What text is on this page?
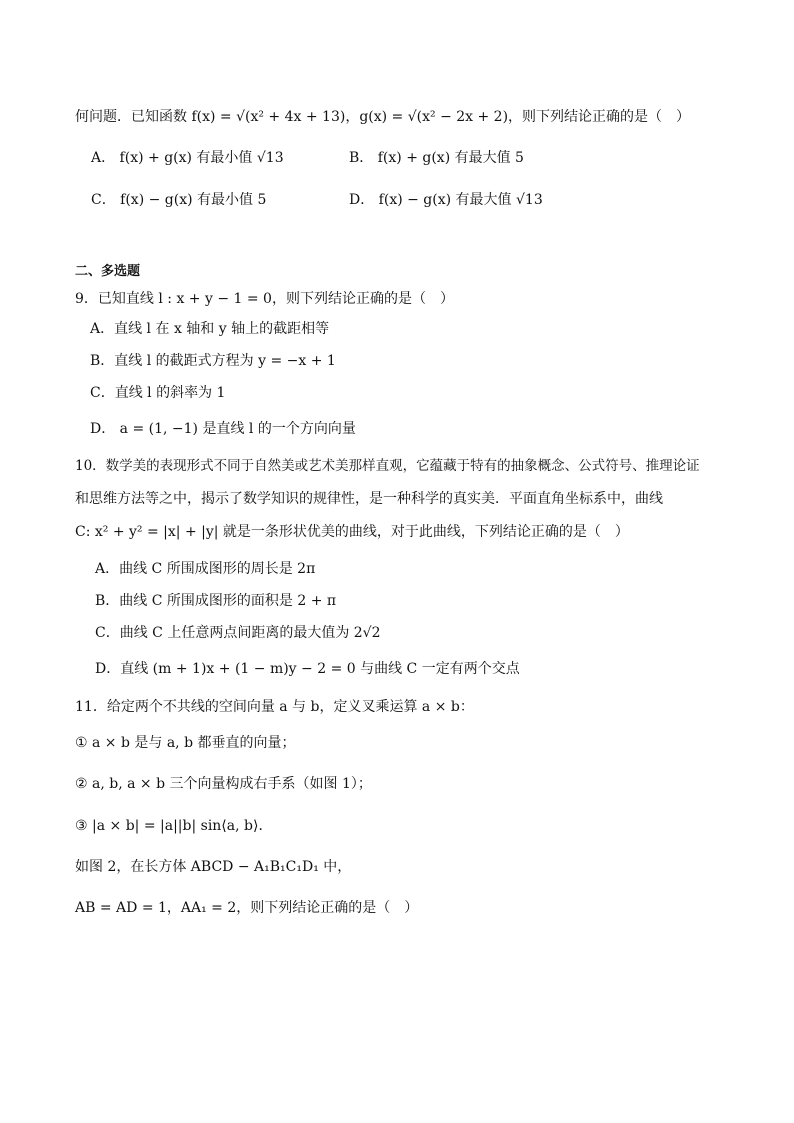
何问题．已知函数 f(x) = √(x² + 4x + 13)，g(x) = √(x² − 2x + 2)，则下列结论正确的是（　）
A． f(x) + g(x) 有最小值 √13	B． f(x) + g(x) 有最大值 5
C． f(x) − g(x) 有最小值 5	D． f(x) − g(x) 有最大值 √13
二、多选题
9．已知直线 l : x + y − 1 = 0，则下列结论正确的是（　）
A．直线 l 在 x 轴和 y 轴上的截距相等
B．直线 l 的截距式方程为 y = −x + 1
C．直线 l 的斜率为 1
D． a = (1, −1) 是直线 l 的一个方向向量
10．数学美的表现形式不同于自然美或艺术美那样直观，它蕴藏于特有的抽象概念、公式符号、推理论证
和思维方法等之中，揭示了数学知识的规律性，是一种科学的真实美．平面直角坐标系中，曲线
C: x² + y² = |x| + |y| 就是一条形状优美的曲线，对于此曲线，下列结论正确的是（　）
A．曲线 C 所围成图形的周长是 2π
B．曲线 C 所围成图形的面积是 2 + π
C．曲线 C 上任意两点间距离的最大值为 2√2
D．直线 (m + 1)x + (1 − m)y − 2 = 0 与曲线 C 一定有两个交点
11．给定两个不共线的空间向量 a 与 b，定义叉乘运算 a × b：
① a × b 是与 a, b 都垂直的向量；
② a, b, a × b 三个向量构成右手系（如图 1）；
③ |a × b| = |a||b| sin⟨a, b⟩．
如图 2，在长方体 ABCD − A₁B₁C₁D₁ 中，
AB = AD = 1，AA₁ = 2，则下列结论正确的是（　）
